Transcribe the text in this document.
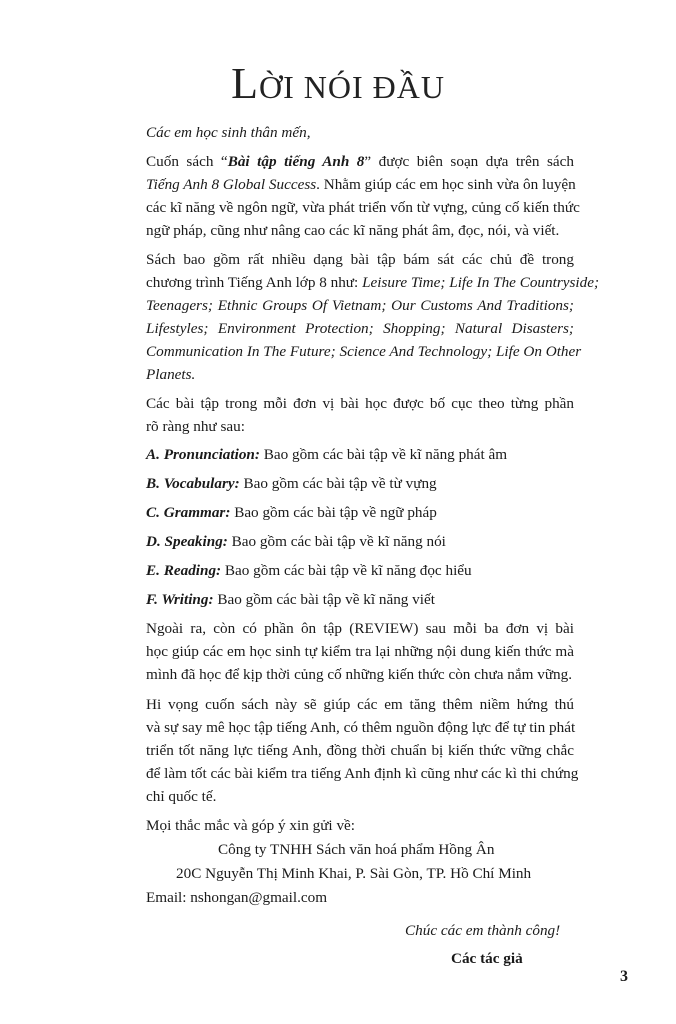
LỜI NÓI ĐẦU
Các em học sinh thân mến,
Cuốn sách “Bài tập tiếng Anh 8” được biên soạn dựa trên sách
Tiếng Anh 8 Global Success. Nhằm giúp các em học sinh vừa ôn luyện
các kĩ năng về ngôn ngữ, vừa phát triển vốn từ vựng, củng cố kiến thức
ngữ pháp, cũng như nâng cao các kĩ năng phát âm, đọc, nói, và viết.
Sách bao gồm rất nhiều dạng bài tập bám sát các chủ đề trong
chương trình Tiếng Anh lớp 8 như: Leisure Time; Life In The Countryside;
Teenagers; Ethnic Groups Of Vietnam; Our Customs And Traditions;
Lifestyles; Environment Protection; Shopping; Natural Disasters;
Communication In The Future; Science And Technology; Life On Other
Planets.
Các bài tập trong mỗi đơn vị bài học được bố cục theo từng phần
rõ ràng như sau:
A. Pronunciation: Bao gồm các bài tập về kĩ năng phát âm
B. Vocabulary: Bao gồm các bài tập về từ vựng
C. Grammar: Bao gồm các bài tập về ngữ pháp
D. Speaking: Bao gồm các bài tập về kĩ năng nói
E. Reading: Bao gồm các bài tập về kĩ năng đọc hiểu
F. Writing: Bao gồm các bài tập về kĩ năng viết
Ngoài ra, còn có phần ôn tập (REVIEW) sau mỗi ba đơn vị bài
học giúp các em học sinh tự kiểm tra lại những nội dung kiến thức mà
mình đã học để kịp thời củng cố những kiến thức còn chưa nắm vững.
Hi vọng cuốn sách này sẽ giúp các em tăng thêm niềm hứng thú
và sự say mê học tập tiếng Anh, có thêm nguồn động lực để tự tin phát
triển tốt năng lực tiếng Anh, đồng thời chuẩn bị kiến thức vững chắc
để làm tốt các bài kiểm tra tiếng Anh định kì cũng như các kì thi chứng
chỉ quốc tế.
Mọi thắc mắc và góp ý xin gửi về:
Công ty TNHH Sách văn hoá phẩm Hồng Ân
20C Nguyễn Thị Minh Khai, P. Sài Gòn, TP. Hồ Chí Minh
Email: nshongan@gmail.com
Chúc các em thành công!
Các tác giả
3
